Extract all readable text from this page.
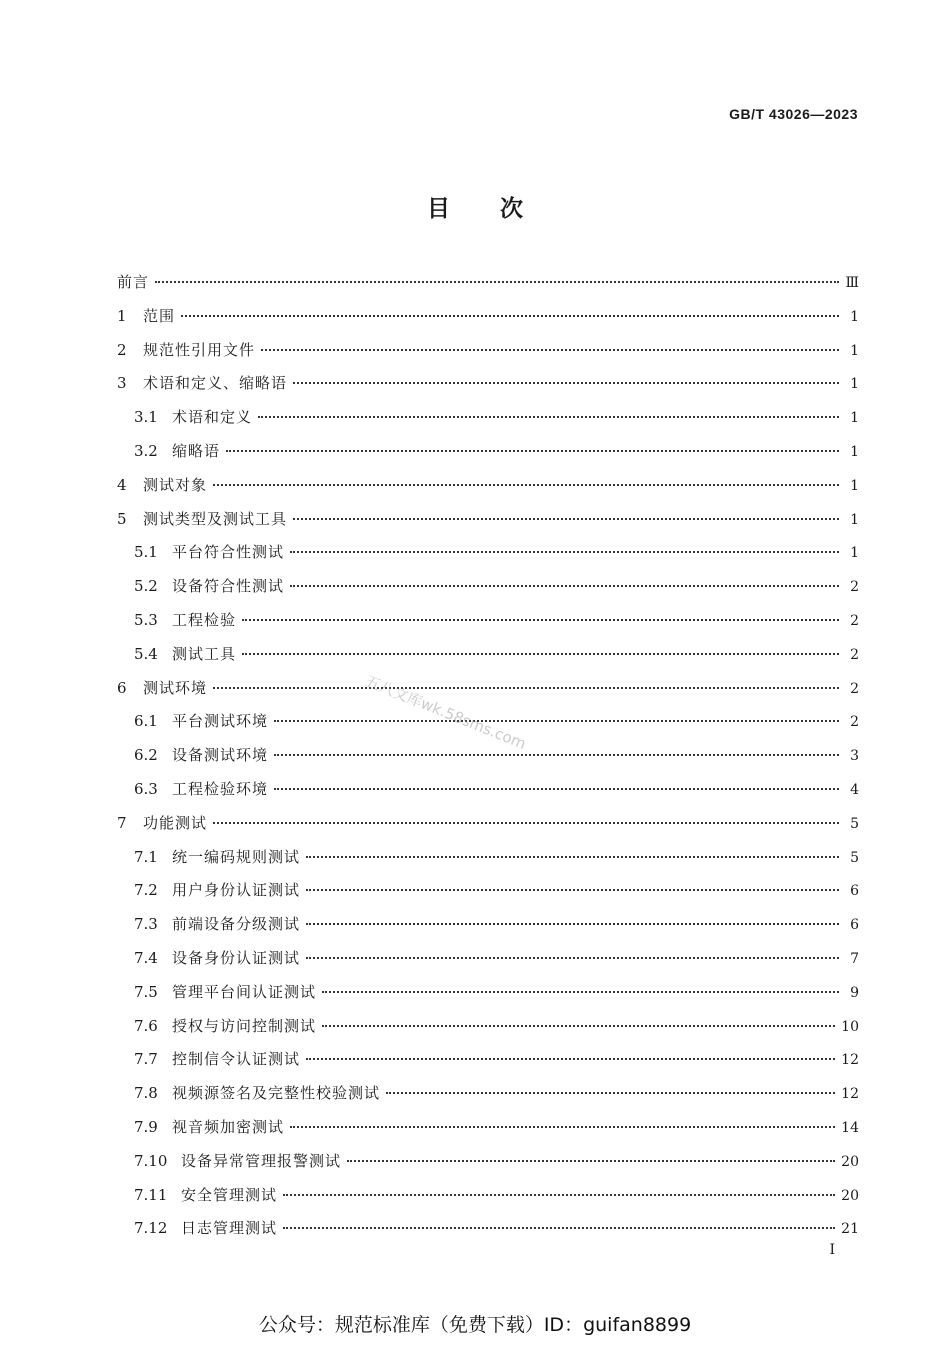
GB/T 43026—2023
目次
前言	Ⅲ
1	范围	1
2	规范性引用文件	1
3	术语和定义、缩略语	1
3.1 术语和定义	1
3.2 缩略语	1
4	测试对象	1
5	测试类型及测试工具	1
5.1 平台符合性测试	1
5.2 设备符合性测试	2
5.3 工程检验	2
5.4 测试工具	2
6	测试环境	2
6.1 平台测试环境	2
6.2 设备测试环境	3
6.3 工程检验环境	4
7	功能测试	5
7.1 统一编码规则测试	5
7.2 用户身份认证测试	6
7.3 前端设备分级测试	6
7.4 设备身份认证测试	7
7.5 管理平台间认证测试	9
7.6 授权与访问控制测试	10
7.7 控制信令认证测试	12
7.8 视频源签名及完整性校验测试	12
7.9 视音频加密测试	14
7.10 设备异常管理报警测试	20
7.11 安全管理测试	20
7.12 日志管理测试	21
五八文库wk.58sms.com
I
公众号：规范标准库（免费下载）ID：guifan8899
